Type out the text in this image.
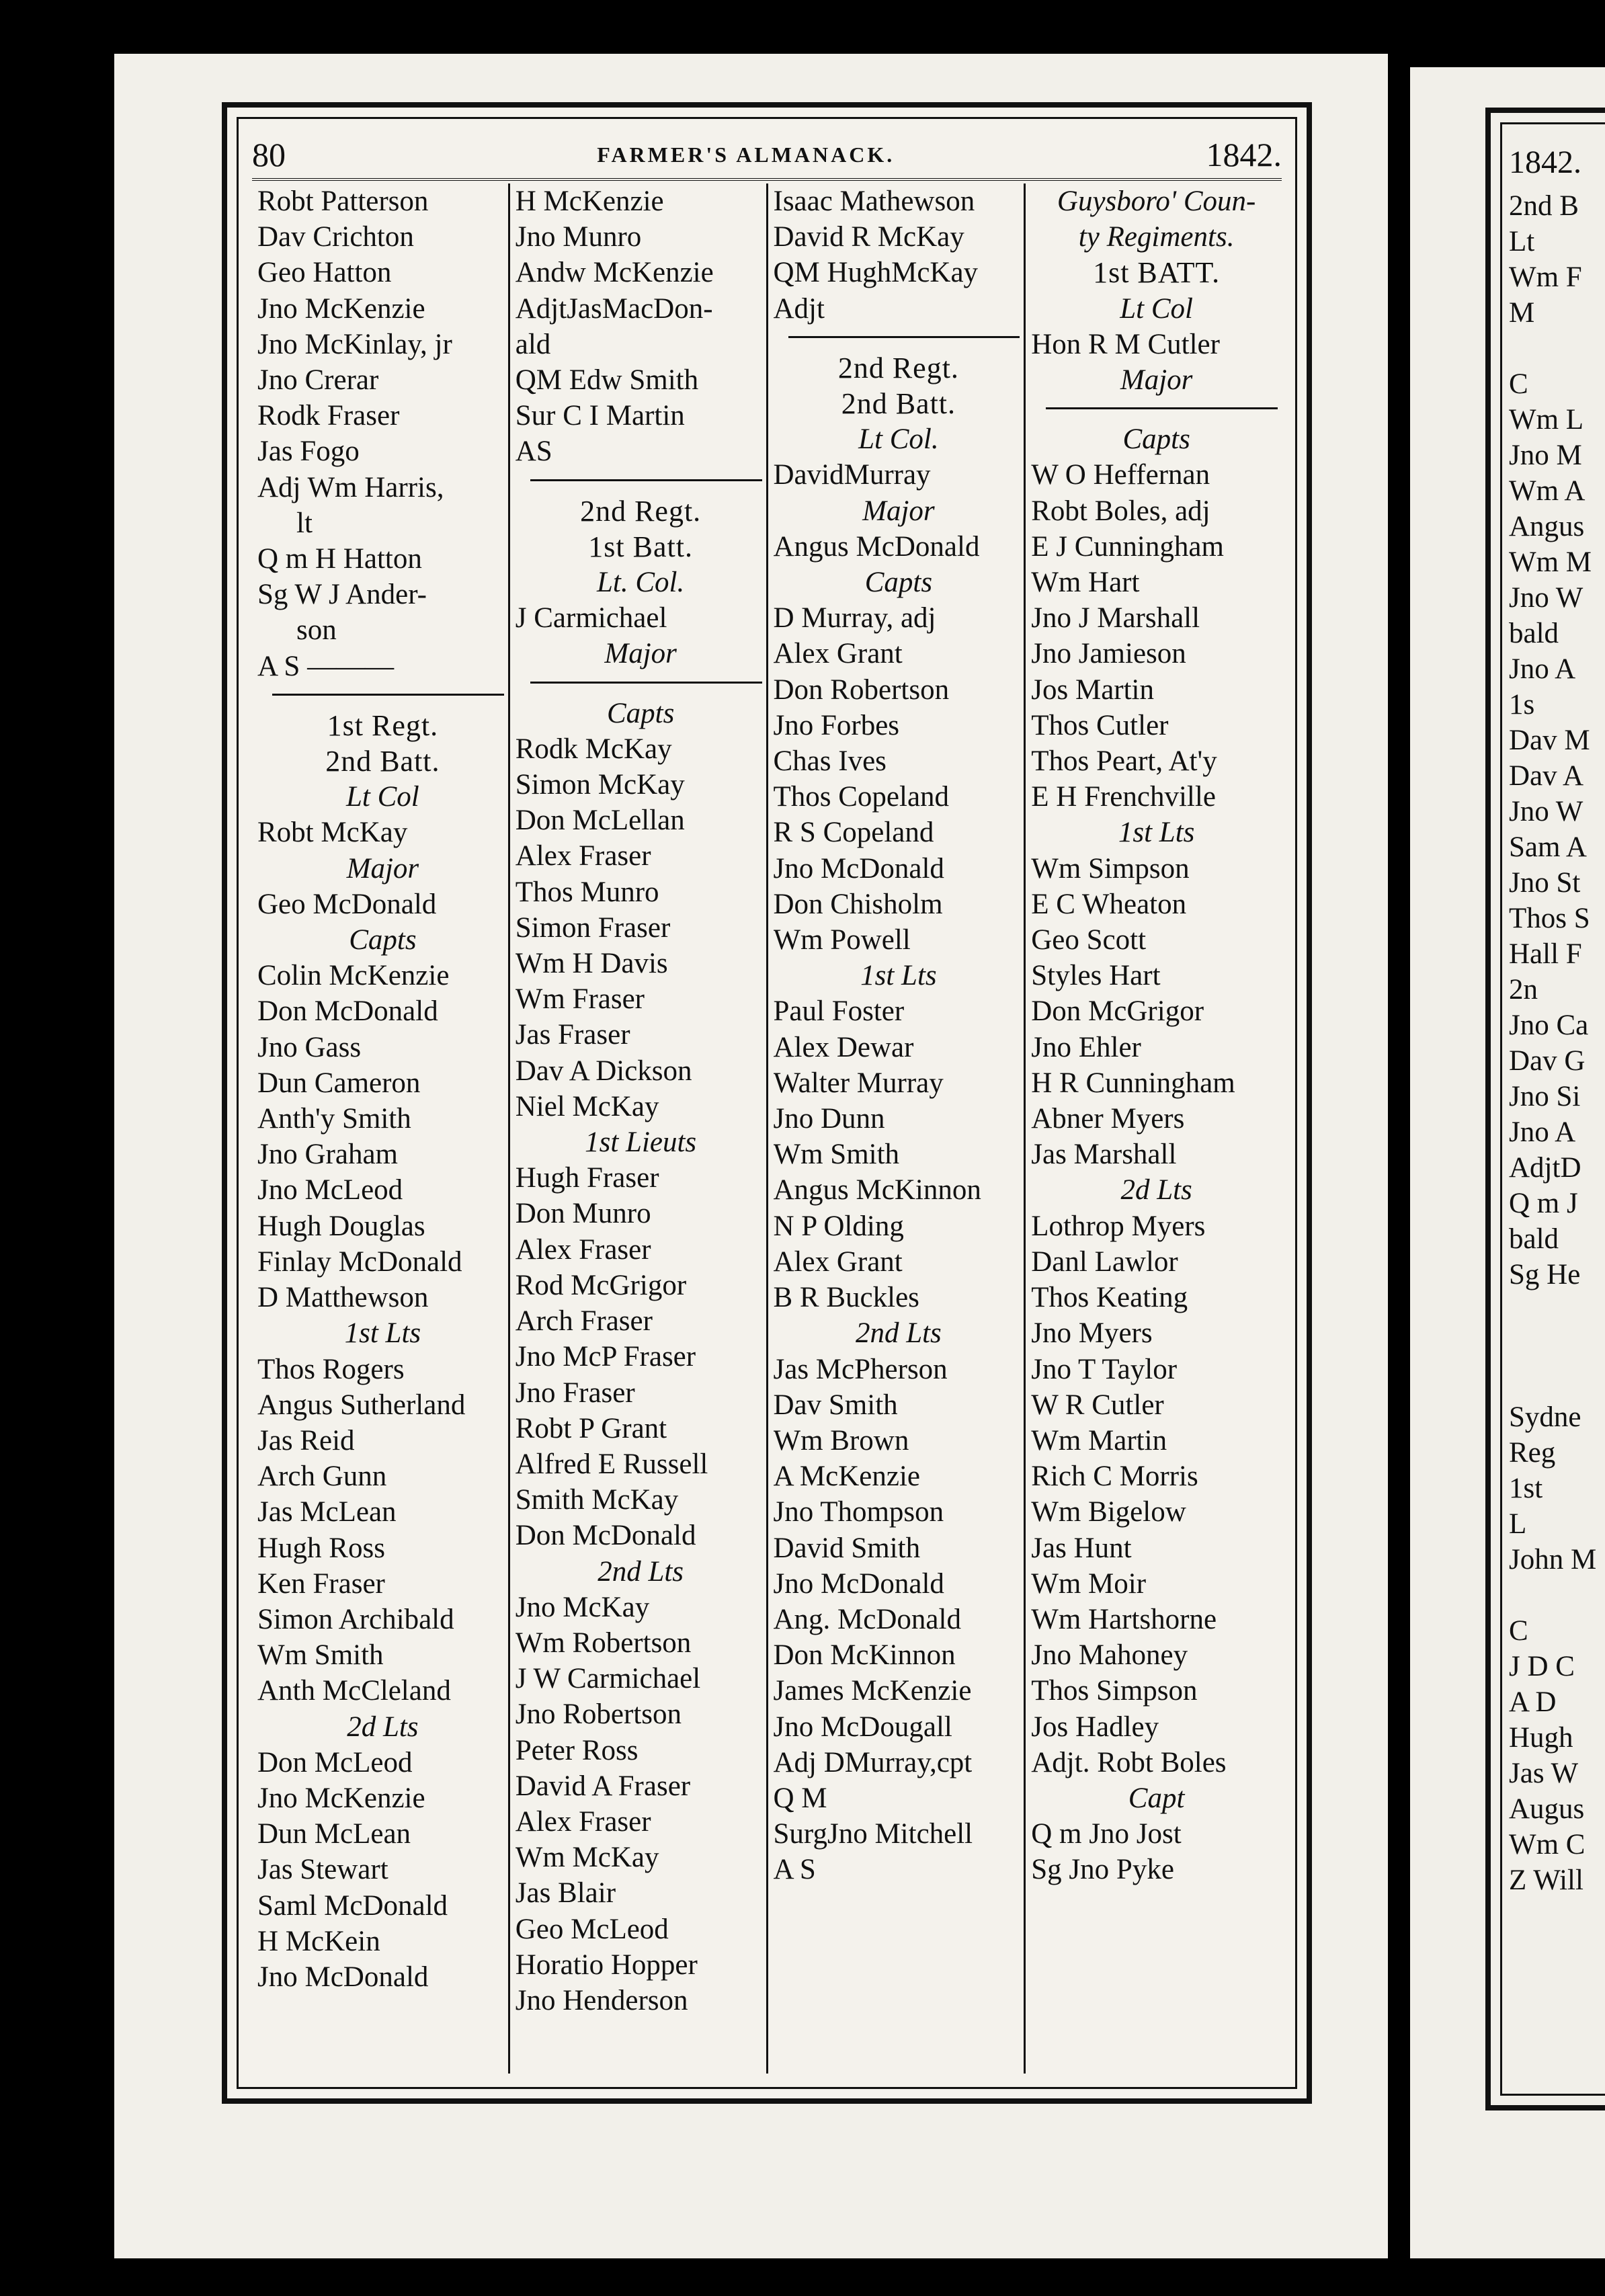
80	FARMER'S ALMANACK.	1842.
Robt Patterson
Dav Crichton
Geo Hatton
Jno McKenzie
Jno McKinlay, jr
Jno Crerar
Rodk Fraser
Jas Fogo
Adj Wm Harris,
lt
Q m H Hatton
Sg W J Ander-
son
A S ———
1st Regt.
2nd Batt.
Lt Col
Robt McKay
Major
Geo McDonald
Capts
Colin McKenzie
Don McDonald
Jno Gass
Dun Cameron
Anth'y Smith
Jno Graham
Jno McLeod
Hugh Douglas
Finlay McDonald
D Matthewson
1st Lts
Thos Rogers
Angus Sutherland
Jas Reid
Arch Gunn
Jas McLean
Hugh Ross
Ken Fraser
Simon Archibald
Wm Smith
Anth McCleland
2d Lts
Don McLeod
Jno McKenzie
Dun McLean
Jas Stewart
Saml McDonald
H McKein
Jno McDonald
H McKenzie
Jno Munro
Andw McKenzie
AdjtJasMacDon-
ald
QM Edw Smith
Sur C I Martin
AS
2nd Regt.
1st Batt.
Lt. Col.
J Carmichael
Major
Capts
Rodk McKay
Simon McKay
Don McLellan
Alex Fraser
Thos Munro
Simon Fraser
Wm H Davis
Wm Fraser
Jas Fraser
Dav A Dickson
Niel McKay
1st Lieuts
Hugh Fraser
Don Munro
Alex Fraser
Rod McGrigor
Arch Fraser
Jno McP Fraser
Jno Fraser
Robt P Grant
Alfred E Russell
Smith McKay
Don McDonald
2nd Lts
Jno McKay
Wm Robertson
J W Carmichael
Jno Robertson
Peter Ross
David A Fraser
Alex Fraser
Wm McKay
Jas Blair
Geo McLeod
Horatio Hopper
Jno Henderson
Isaac Mathewson
David R McKay
QM HughMcKay
Adjt
2nd Regt.
2nd Batt.
Lt Col.
DavidMurray
Major
Angus McDonald
Capts
D Murray, adj
Alex Grant
Don Robertson
Jno Forbes
Chas Ives
Thos Copeland
R S Copeland
Jno McDonald
Don Chisholm
Wm Powell
1st Lts
Paul Foster
Alex Dewar
Walter Murray
Jno Dunn
Wm Smith
Angus McKinnon
N P Olding
Alex Grant
B R Buckles
2nd Lts
Jas McPherson
Dav Smith
Wm Brown
A McKenzie
Jno Thompson
David Smith
Jno McDonald
Ang. McDonald
Don McKinnon
James McKenzie
Jno McDougall
Adj DMurray,cpt
Q M
SurgJno Mitchell
A S
Guysboro' Coun-
ty Regiments.
1st BATT.
Lt Col
Hon R M Cutler
Major
Capts
W O Heffernan
Robt Boles, adj
E J Cunningham
Wm Hart
Jno J Marshall
Jno Jamieson
Jos Martin
Thos Cutler
Thos Peart, At'y
E H Frenchville
1st Lts
Wm Simpson
E C Wheaton
Geo Scott
Styles Hart
Don McGrigor
Jno Ehler
H R Cunningham
Abner Myers
Jas Marshall
2d Lts
Lothrop Myers
Danl Lawlor
Thos Keating
Jno Myers
Jno T Taylor
W R Cutler
Wm Martin
Rich C Morris
Wm Bigelow
Jas Hunt
Wm Moir
Wm Hartshorne
Jno Mahoney
Thos Simpson
Jos Hadley
Adjt. Robt Boles
Capt
Q m Jno Jost
Sg Jno Pyke
1842.
2nd B
Lt
Wm F
M

C
Wm L
Jno M
Wm A
Angus
Wm M
Jno W
bald
Jno A
1s
Dav M
Dav A
Jno W
Sam A
Jno St
Thos S
Hall F
2n
Jno Ca
Dav G
Jno Si
Jno A
AdjtD
Q m J
bald
Sg He

Sydne
Reg
1st
L
John M

C
J D C
A D
Hugh
Jas W
Augus
Wm C
Z Will
